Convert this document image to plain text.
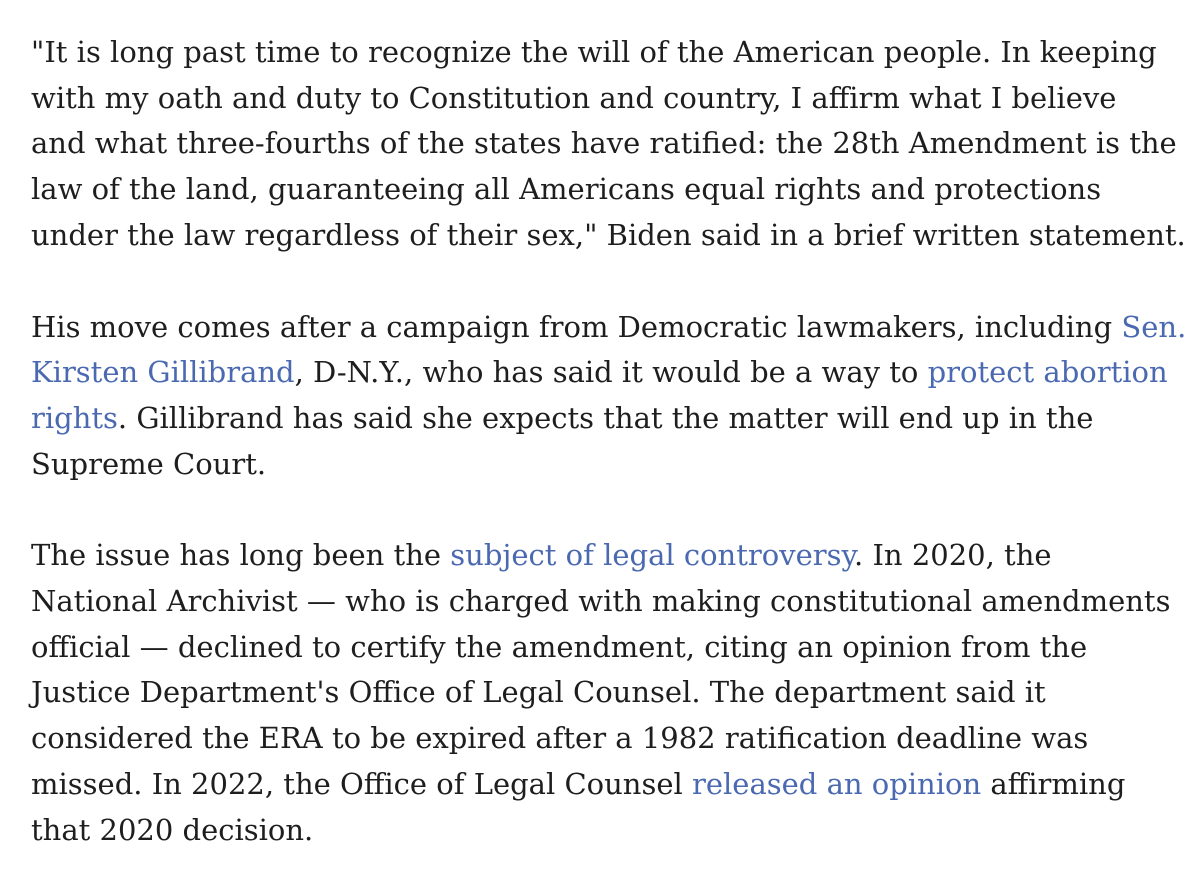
"It is long past time to recognize the will of the American people. In keeping
with my oath and duty to Constitution and country, I affirm what I believe
and what three-fourths of the states have ratified: the 28th Amendment is the
law of the land, guaranteeing all Americans equal rights and protections
under the law regardless of their sex," Biden said in a brief written statement.

His move comes after a campaign from Democratic lawmakers, including Sen.
Kirsten Gillibrand, D-N.Y., who has said it would be a way to protect abortion
rights. Gillibrand has said she expects that the matter will end up in the
Supreme Court.

The issue has long been the subject of legal controversy. In 2020, the
National Archivist — who is charged with making constitutional amendments
official — declined to certify the amendment, citing an opinion from the
Justice Department's Office of Legal Counsel. The department said it
considered the ERA to be expired after a 1982 ratification deadline was
missed. In 2022, the Office of Legal Counsel released an opinion affirming
that 2020 decision.
